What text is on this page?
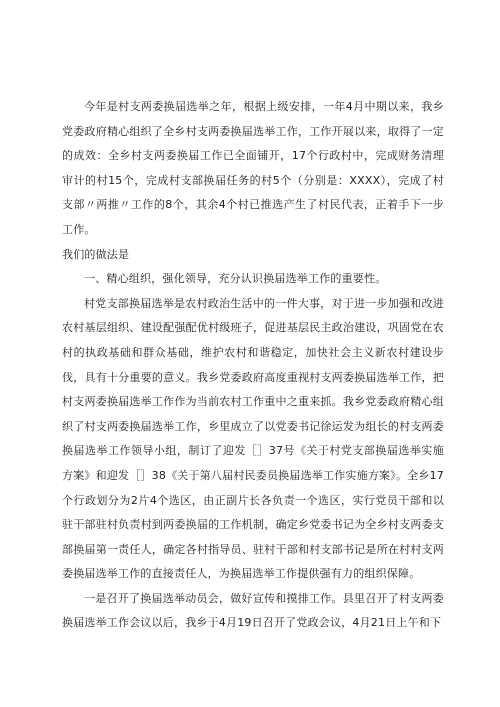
今年是村支两委换届选举之年，根据上级安排，一年4月中期以来，我乡党委政府精心组织了全乡村支两委换届选举工作，工作开展以来，取得了一定的成效：全乡村支两委换届工作已全面铺开，17个行政村中，完成财务清理审计的村15个，完成村支部换届任务的村5个（分别是：XXXX），完成了村支部〃两推〃工作的8个，其余4个村已推选产生了村民代表，正着手下一步工作。

我们的做法是

一、精心组织，强化领导，充分认识换届选举工作的重要性。

村党支部换届选举是农村政治生活中的一件大事，对于进一步加强和改进农村基层组织、建设配强配优村级班子，促进基层民主政治建设，巩固党在农村的执政基础和群众基础，维护农村和谐稳定，加快社会主义新农村建设步伐，具有十分重要的意义。我乡党委政府高度重视村支两委换届选举工作，把村支两委换届选举工作作为当前农村工作重中之重来抓。我乡党委政府精心组织了村支两委换届选举工作，乡里成立了以党委书记徐运发为组长的村支两委换届选举工作领导小组，制订了迎发［］37号《关于村党支部换届选举实施方案》和迎发［］38《关于第八届村民委员换届选举工作实施方案》。全乡17个行政划分为2片4个选区，由正副片长各负责一个选区，实行党员干部和以驻干部驻村负责村到两委换届的工作机制，确定乡党委书记为全乡村支两委支部换届第一责任人，确定各村指导员、驻村干部和村支部书记是所在村村支两委换届选举工作的直接责任人，为换届选举工作提供强有力的组织保障。

一是召开了换届选举动员会，做好宣传和摸排工作。县里召开了村支两委换届选举工作会议以后，我乡于4月19日召开了党政会议，4月21日上午和下
